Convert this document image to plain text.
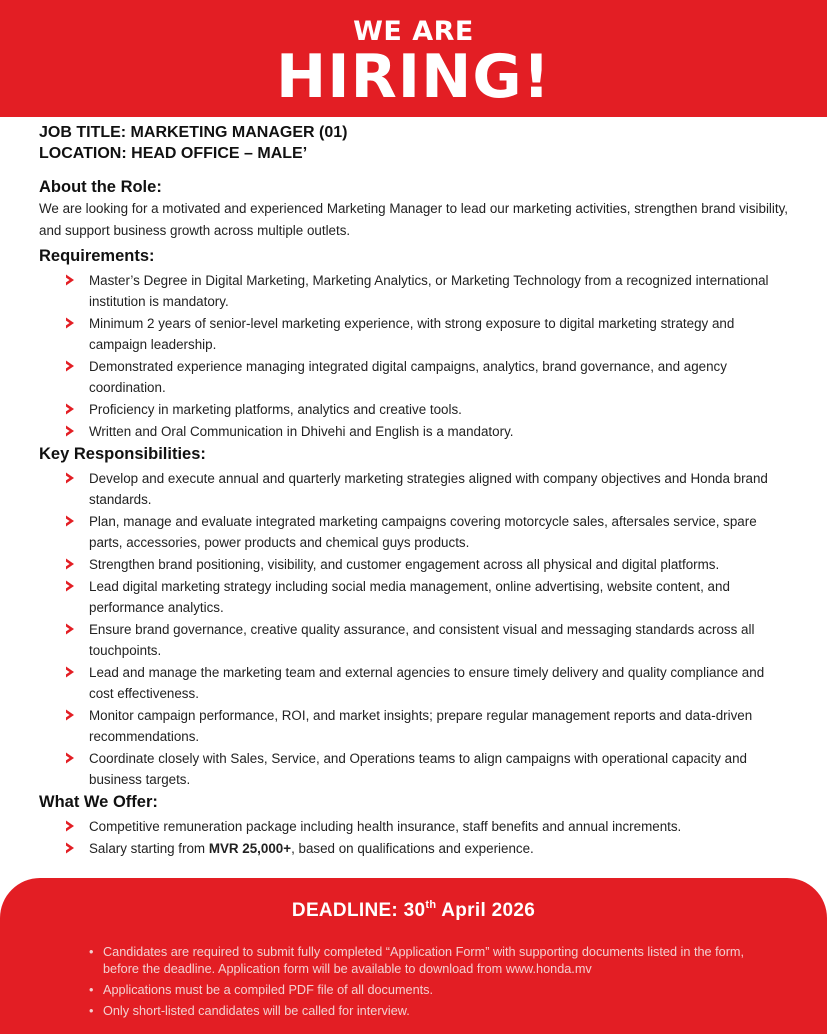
WE ARE
HIRING!
JOB TITLE: MARKETING MANAGER (01)
LOCATION: HEAD OFFICE – MALE’
About the Role:
We are looking for a motivated and experienced Marketing Manager to lead our marketing activities, strengthen brand visibility, and support business growth across multiple outlets.
Requirements:
Master’s Degree in Digital Marketing, Marketing Analytics, or Marketing Technology from a recognized international institution is mandatory.
Minimum 2 years of senior-level marketing experience, with strong exposure to digital marketing strategy and campaign leadership.
Demonstrated experience managing integrated digital campaigns, analytics, brand governance, and agency coordination.
Proficiency in marketing platforms, analytics and creative tools.
Written and Oral Communication in Dhivehi and English is a mandatory.
Key Responsibilities:
Develop and execute annual and quarterly marketing strategies aligned with company objectives and Honda brand standards.
Plan, manage and evaluate integrated marketing campaigns covering motorcycle sales, aftersales service, spare parts, accessories, power products and chemical guys products.
Strengthen brand positioning, visibility, and customer engagement across all physical and digital platforms.
Lead digital marketing strategy including social media management, online advertising, website content, and performance analytics.
Ensure brand governance, creative quality assurance, and consistent visual and messaging standards across all touchpoints.
Lead and manage the marketing team and external agencies to ensure timely delivery and quality compliance and cost effectiveness.
Monitor campaign performance, ROI, and market insights; prepare regular management reports and data-driven recommendations.
Coordinate closely with Sales, Service, and Operations teams to align campaigns with operational capacity and business targets.
What We Offer:
Competitive remuneration package including health insurance, staff benefits and annual increments.
Salary starting from MVR 25,000+, based on qualifications and experience.
DEADLINE: 30th April 2026
• Candidates are required to submit fully completed “Application Form” with supporting documents listed in the form, before the deadline. Application form will be available to download from www.honda.mv
• Applications must be a compiled PDF file of all documents.
• Only short-listed candidates will be called for interview.
